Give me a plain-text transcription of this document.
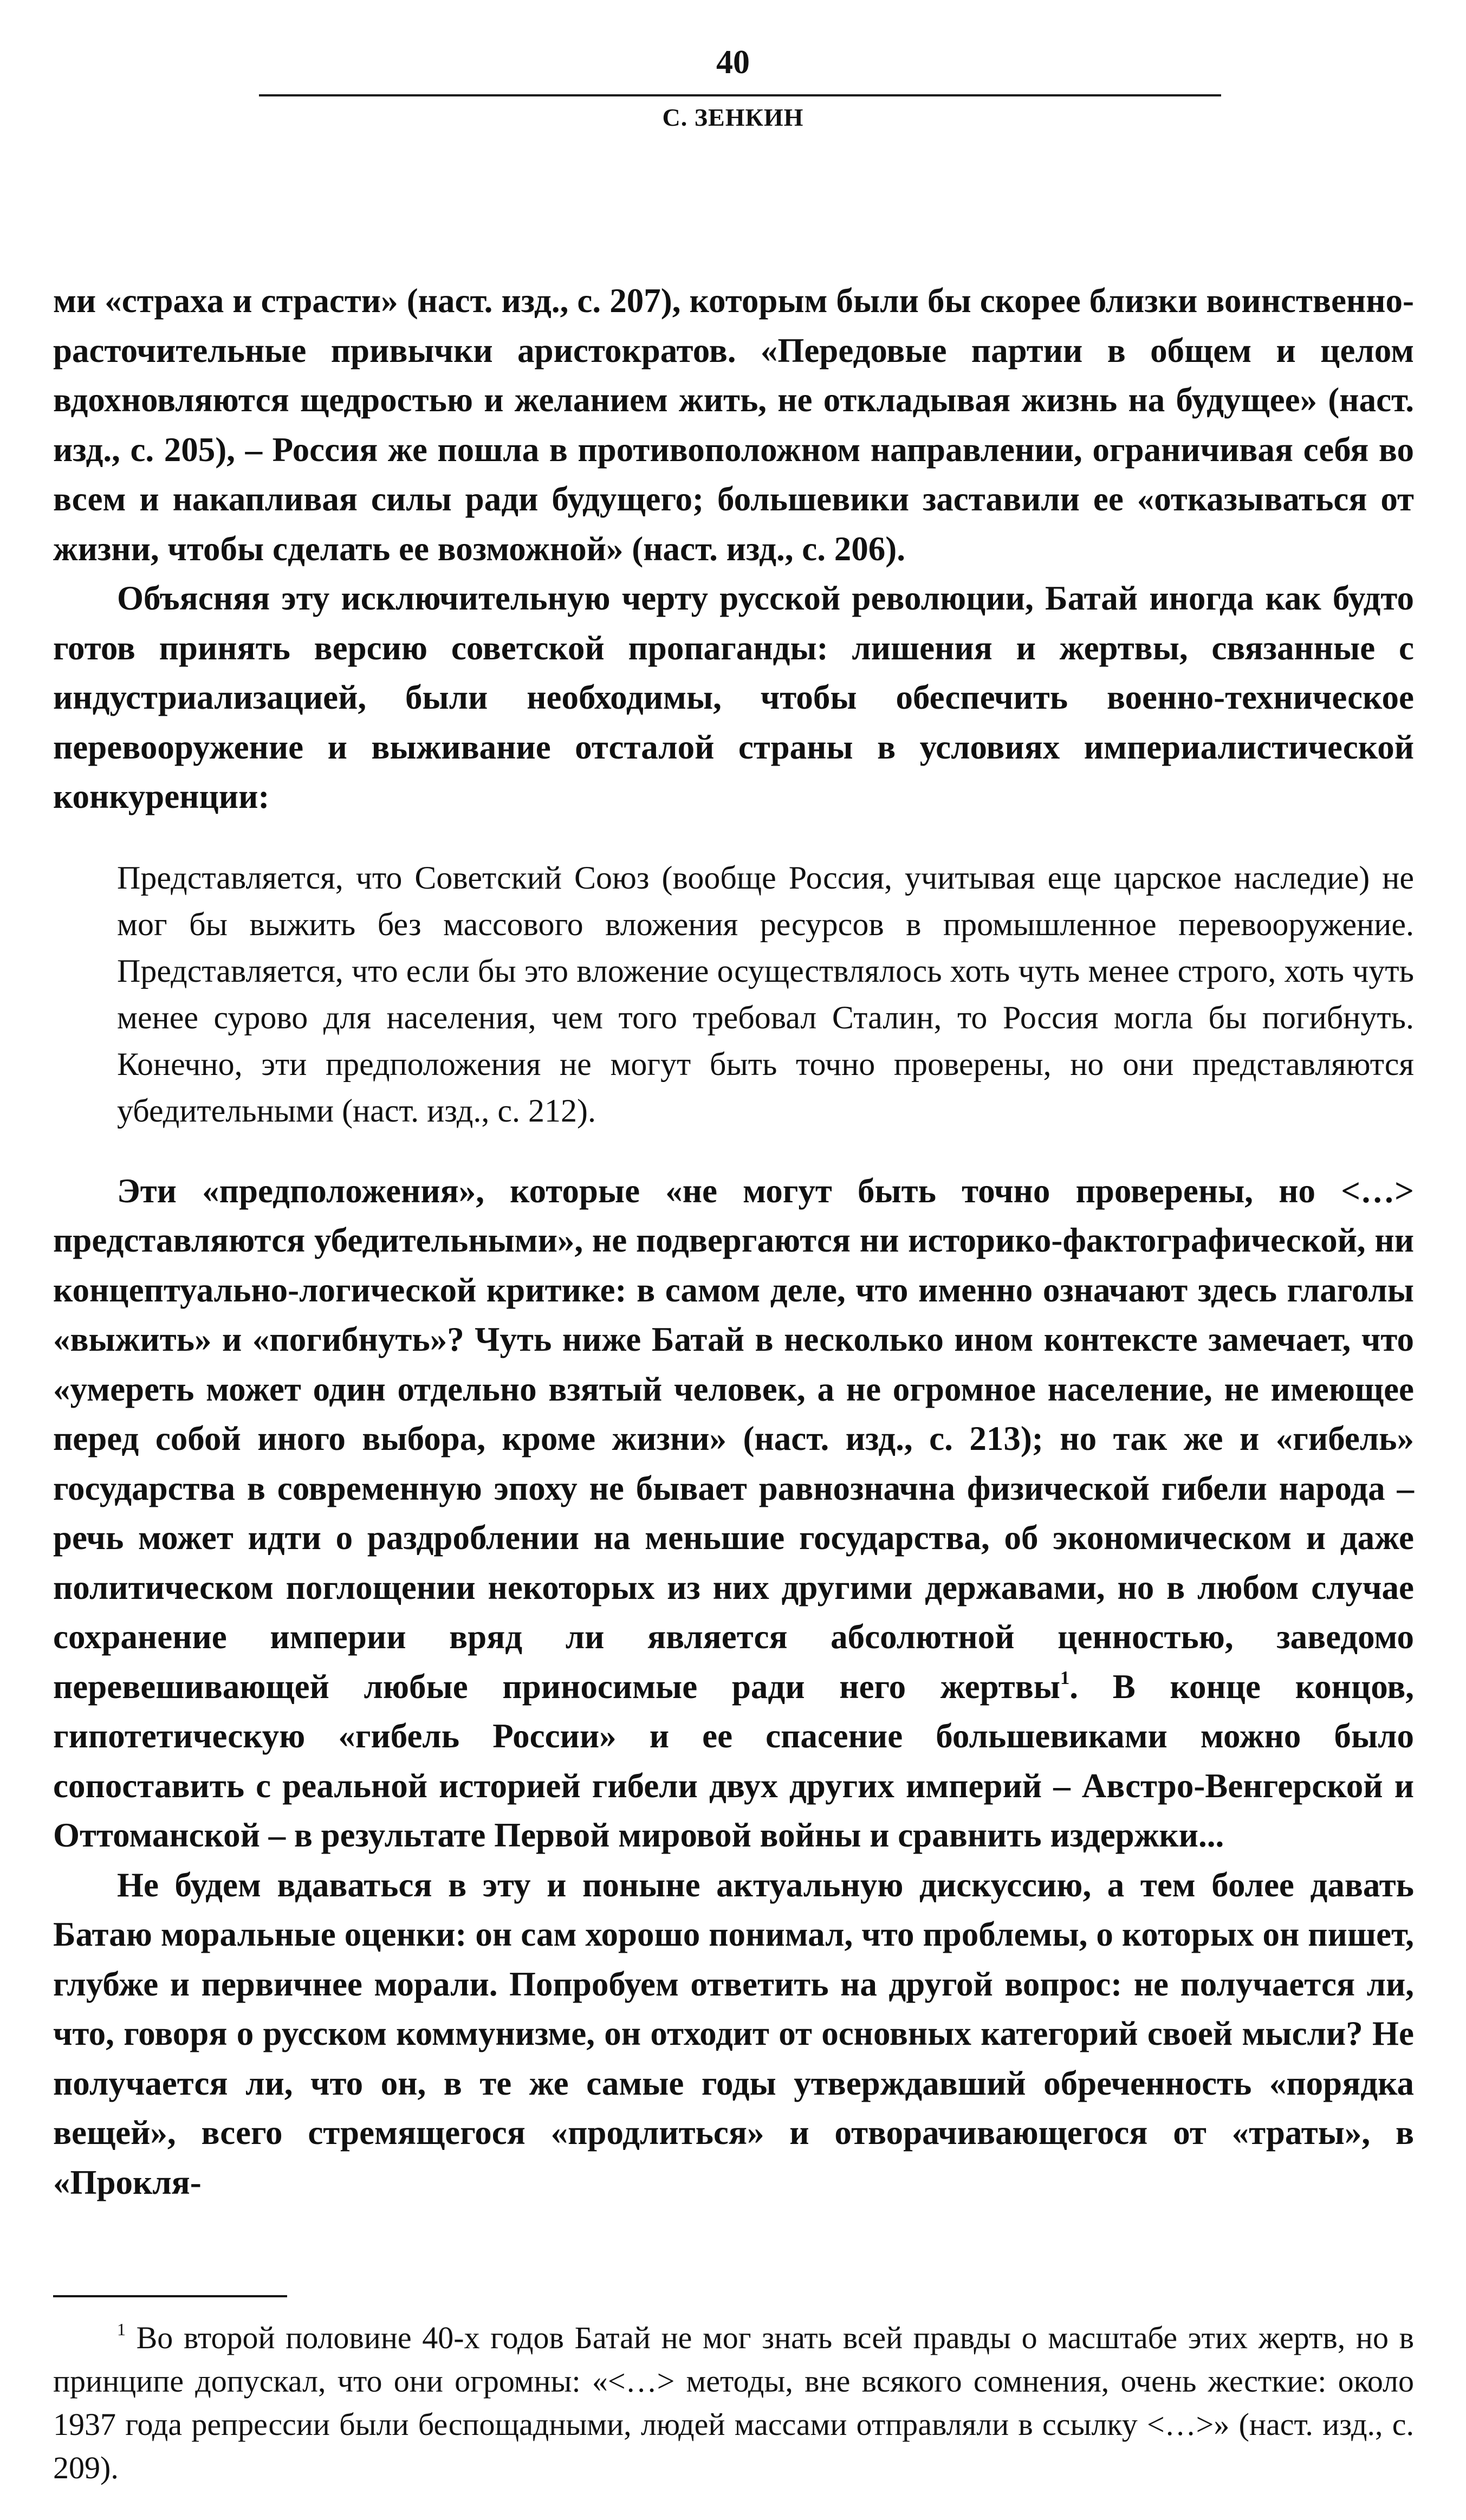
40
С. ЗЕНКИН

ми «страха и страсти» (наст. изд., с. 207), которым были бы скорее близки воинственно-расточительные привычки аристократов. «Передовые партии в общем и целом вдохновляются щедростью и желанием жить, не откладывая жизнь на будущее» (наст. изд., с. 205), – Россия же пошла в противоположном направлении, ограничивая себя во всем и накапливая силы ради будущего; большевики заставили ее «отказываться от жизни, чтобы сделать ее возможной» (наст. изд., с. 206).

Объясняя эту исключительную черту русской революции, Батай иногда как будто готов принять версию советской пропаганды: лишения и жертвы, связанные с индустриализацией, были необходимы, чтобы обеспечить военно-техническое перевооружение и выживание отсталой страны в условиях империалистической конкуренции:

Представляется, что Советский Союз (вообще Россия, учитывая еще царское наследие) не мог бы выжить без массового вложения ресурсов в промышленное перевооружение. Представляется, что если бы это вложение осуществлялось хоть чуть менее строго, хоть чуть менее сурово для населения, чем того требовал Сталин, то Россия могла бы погибнуть. Конечно, эти предположения не могут быть точно проверены, но они представляются убедительными (наст. изд., с. 212).

Эти «предположения», которые «не могут быть точно проверены, но <…> представляются убедительными», не подвергаются ни историко-фактографической, ни концептуально-логической критике: в самом деле, что именно означают здесь глаголы «выжить» и «погибнуть»? Чуть ниже Батай в несколько ином контексте замечает, что «умереть может один отдельно взятый человек, а не огромное население, не имеющее перед собой иного выбора, кроме жизни» (наст. изд., с. 213); но так же и «гибель» государства в современную эпоху не бывает равнозначна физической гибели народа – речь может идти о раздроблении на меньшие государства, об экономическом и даже политическом поглощении некоторых из них другими державами, но в любом случае сохранение империи вряд ли является абсолютной ценностью, заведомо перевешивающей любые приносимые ради него жертвы$^1$. В конце концов, гипотетическую «гибель России» и ее спасение большевиками можно было сопоставить с реальной историей гибели двух других империй – Австро-Венгерской и Оттоманской – в результате Первой мировой войны и сравнить издержки...

Не будем вдаваться в эту и поныне актуальную дискуссию, а тем более давать Батаю моральные оценки: он сам хорошо понимал, что проблемы, о которых он пишет, глубже и первичнее морали. Попробуем ответить на другой вопрос: не получается ли, что, говоря о русском коммунизме, он отходит от основных категорий своей мысли? Не получается ли, что он, в те же самые годы утверждавший обреченность «порядка вещей», всего стремящегося «продлиться» и отворачивающегося от «траты», в «Прокля-

$^1$ Во второй половине 40-х годов Батай не мог знать всей правды о масштабе этих жертв, но в принципе допускал, что они огромны: «<…> методы, вне всякого сомнения, очень жесткие: около 1937 года репрессии были беспощадными, людей массами отправляли в ссылку <…>» (наст. изд., с. 209).
